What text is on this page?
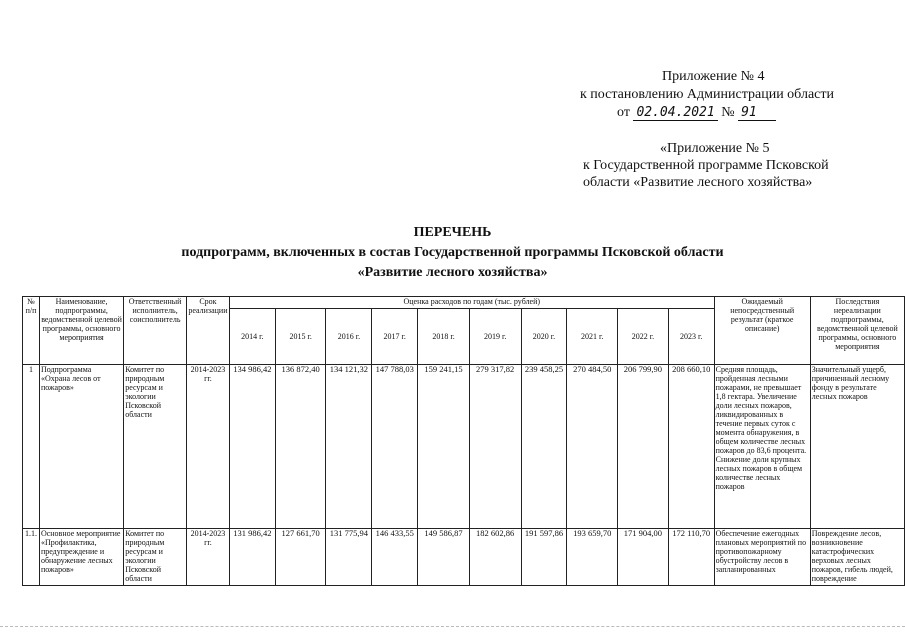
Приложение № 4
к постановлению Администрации области
от 02.04.2021 № 91
«Приложение № 5
к Государственной программе Псковской
области «Развитие лесного хозяйства»
ПЕРЕЧЕНЬ
подпрограмм, включенных в состав Государственной программы Псковской области
«Развитие лесного хозяйства»
№ п/п	Наименование, подпрограммы, ведомственной целевой программы, основного мероприятия	Ответственный исполнитель, соисполнитель	Срок реализации	Оценка расходов по годам (тыс. рублей)										Ожидаемый непосредственный результат (краткое описание)	Последствия нереализации подпрограммы, ведомственной целевой программы, основного мероприятия
				2014 г.	2015 г.	2016 г.	2017 г.	2018 г.	2019 г.	2020 г.	2021 г.	2022 г.	2023 г.		
1	Подпрограмма «Охрана лесов от пожаров»	Комитет по природным ресурсам и экологии Псковской области	2014-2023 гг.	134 986,42	136 872,40	134 121,32	147 788,03	159 241,15	279 317,82	239 458,25	270 484,50	206 799,90	208 660,10	Средняя площадь, пройденная лесными пожарами, не превышает 1,8 гектара. Увеличение доли лесных пожаров, ликвидированных в течение первых суток с момента обнаружения, в общем количестве лесных пожаров до 83,6 процента. Снижение доли крупных лесных пожаров в общем количестве лесных пожаров	Значительный ущерб, причиненный лесному фонду в результате лесных пожаров
1.1.	Основное мероприятие «Профилактика, предупреждение и обнаружение лесных пожаров»	Комитет по природным ресурсам и экологии Псковской области	2014-2023 гг.	131 986,42	127 661,70	131 775,94	146 433,55	149 586,87	182 602,86	191 597,86	193 659,70	171 904,00	172 110,70	Обеспечение ежегодных плановых мероприятий по противопожарному обустройству лесов в запланированных	Повреждение лесов, возникновение катастрофических верховых лесных пожаров, гибель людей, повреждение
